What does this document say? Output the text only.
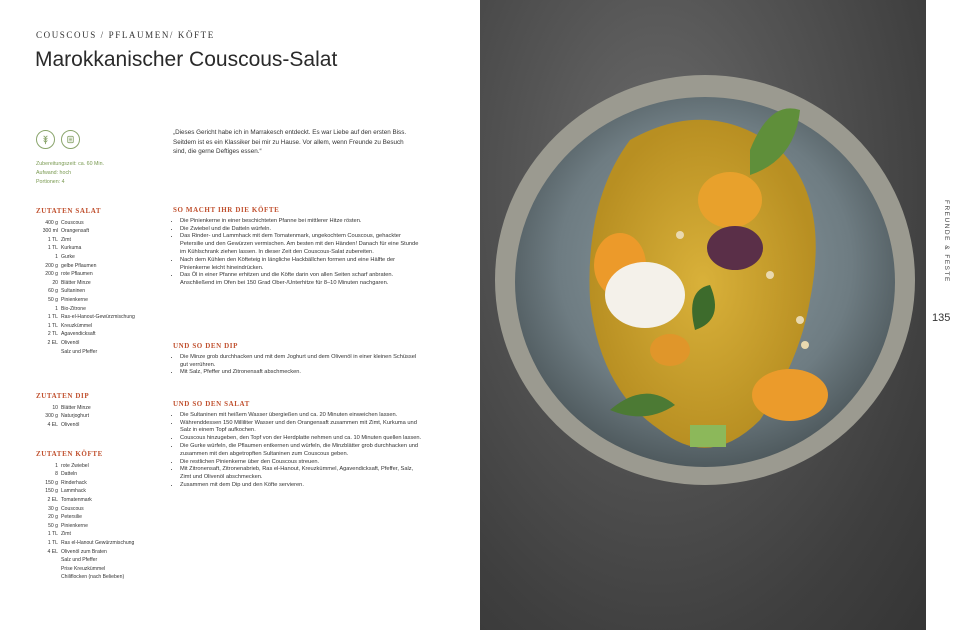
COUSCOUS / PFLAUMEN/ KÖFTE
Marokkanischer Couscous-Salat
Zubereitungszeit: ca. 60 Min.
Aufwand: hoch
Portionen: 4
„Dieses Gericht habe ich in Marrakesch entdeckt. Es war Liebe auf den ersten Biss. Seitdem ist es ein Klassiker bei mir zu Hause. Vor allem, wenn Freunde zu Besuch sind, die gerne Deftiges essen.“
ZUTATEN SALAT
400 g Couscous
300 ml Orangensaft
1 TL Zimt
1 TL Kurkuma
1 Gurke
200 g gelbe Pflaumen
200 g rote Pflaumen
20 Blätter Minze
60 g Sultaninen
50 g Pinienkerne
1 Bio-Zitrone
1 TL Ras-el-Hanout-Gewürzmischung
1 TL Kreuzkümmel
2 TL Agavendicksaft
2 EL Olivenöl
Salz und Pfeffer
ZUTATEN DIP
10 Blätter Minze
300 g Naturjoghurt
4 EL Olivenöl
ZUTATEN KÖFTE
1 rote Zwiebel
8 Datteln
150 g Rinderhack
150 g Lammhack
2 EL Tomatenmark
30 g Couscous
20 g Petersilie
50 g Pinienkerne
1 TL Zimt
1 TL Ras el-Hanout Gewürzmischung
4 EL Olivenöl zum Braten
Salz und Pfeffer
Prise Kreuzkümmel
Chiliflocken (nach Belieben)
SO MACHT IHR DIE KÖFTE
• Die Pinienkerne in einer beschichteten Pfanne bei mittlerer Hitze rösten.
• Die Zwiebel und die Datteln würfeln.
• Das Rinder- und Lammhack mit dem Tomatenmark, ungekochtem Couscous, gehackter Petersilie und den Gewürzen vermischen. Am besten mit den Händen! Danach für eine Stunde im Kühlschrank ziehen lassen. In dieser Zeit den Couscous-Salat zubereiten.
• Nach dem Kühlen den Köfteteig in längliche Hackbällchen formen und eine Hälfte der Pinienkerne leicht hineindrücken.
• Das Öl in einer Pfanne erhitzen und die Köfte darin von allen Seiten scharf anbraten. Anschließend im Ofen bei 150 Grad Ober-/Unterhitze für 8–10 Minuten nachgaren.
UND SO DEN DIP
• Die Minze grob durchhacken und mit dem Joghurt und dem Olivenöl in einer kleinen Schüssel gut verrühren.
• Mit Salz, Pfeffer und Zitronensaft abschmecken.
UND SO DEN SALAT
• Die Sultaninen mit heißem Wasser übergießen und ca. 20 Minuten einweichen lassen.
• Währenddessen 150 Milliliter Wasser und den Orangensaft zusammen mit Zimt, Kurkuma und Salz in einem Topf aufkochen.
• Couscous hinzugeben, den Topf von der Herdplatte nehmen und ca. 10 Minuten quellen lassen.
• Die Gurke würfeln, die Pflaumen entkernen und würfeln, die Minzblätter grob durchhacken und zusammen mit den abgetropften Sultaninen zum Couscous geben.
• Die restlichen Pinienkerne über den Couscous streuen.
• Mit Zitronensaft, Zitronenabrieb, Ras el-Hanout, Kreuzkümmel, Agavendicksaft, Pfeffer, Salz, Zimt und Olivenöl abschmecken.
• Zusammen mit dem Dip und den Köfte servieren.
FREUNDE & FESTE
135
